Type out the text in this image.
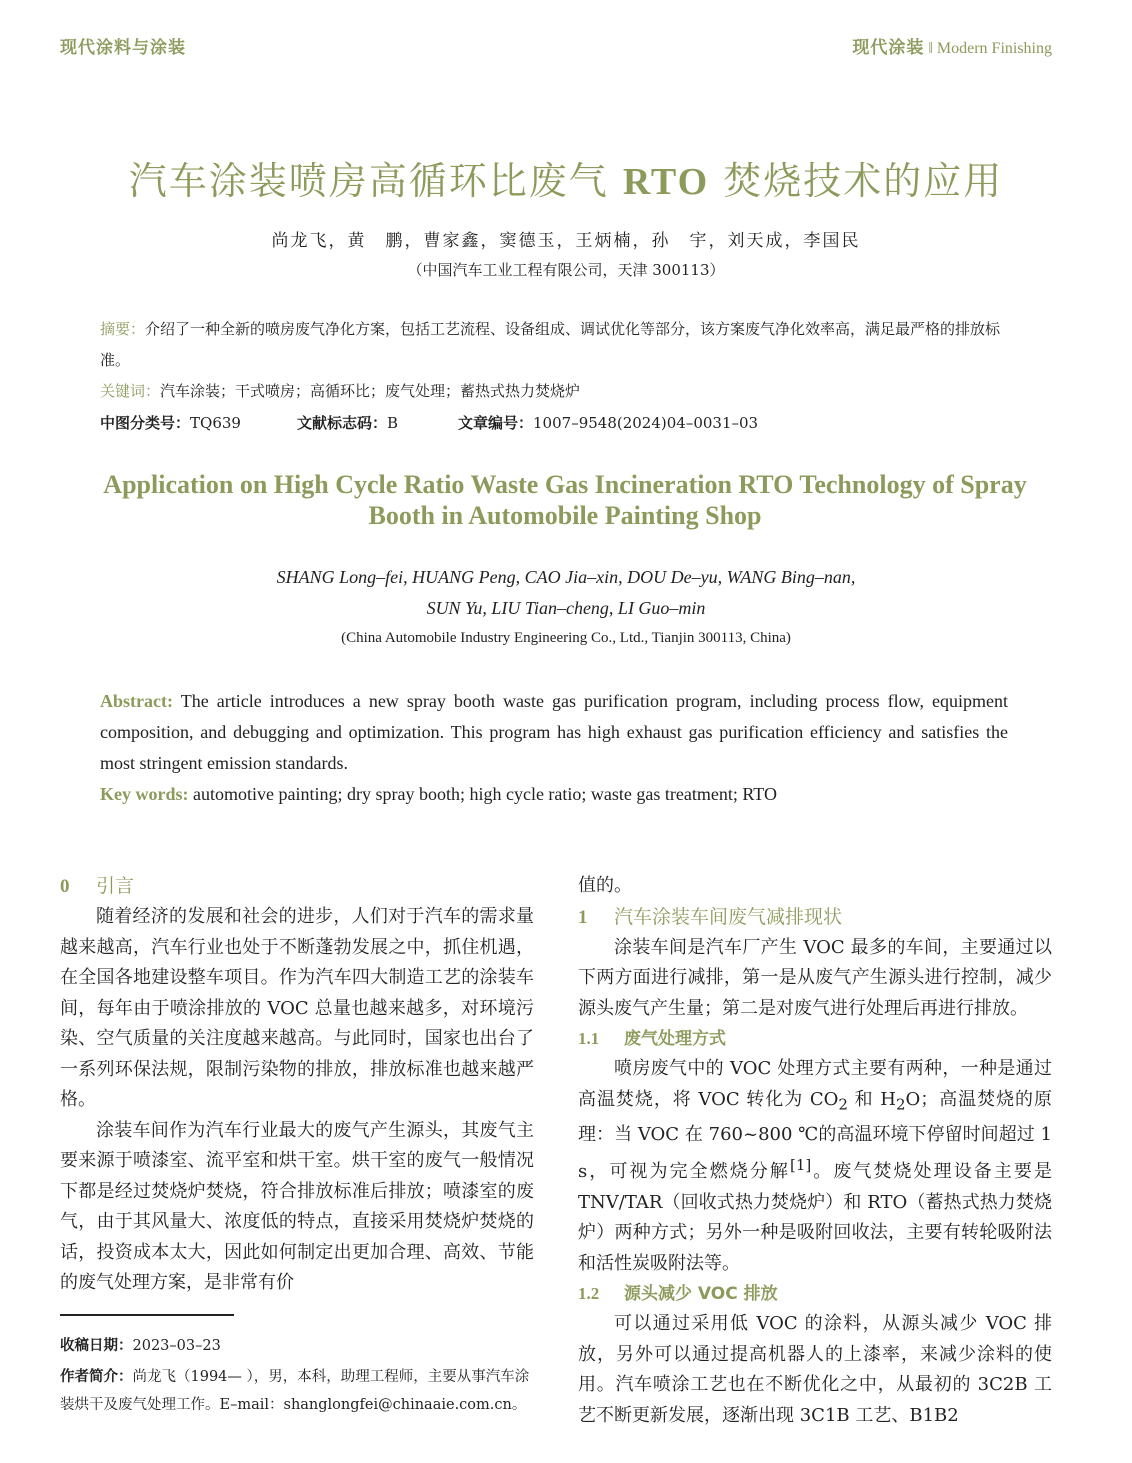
现代涂料与涂装	现代涂装 ‖ Modern Finishing
汽车涂装喷房高循环比废气 RTO 焚烧技术的应用
尚龙飞，黄　鹏，曹家鑫，窦德玉，王炳楠，孙　宇，刘天成，李国民
（中国汽车工业工程有限公司，天津 300113）
摘要：介绍了一种全新的喷房废气净化方案，包括工艺流程、设备组成、调试优化等部分，该方案废气净化效率高，满足最严格的排放标准。
关键词：汽车涂装；干式喷房；高循环比；废气处理；蓄热式热力焚烧炉
中图分类号：TQ639	文献标志码：B	文章编号：1007–9548(2024)04–0031–03
Application on High Cycle Ratio Waste Gas Incineration RTO Technology of Spray Booth in Automobile Painting Shop
SHANG Long–fei, HUANG Peng, CAO Jia–xin, DOU De–yu, WANG Bing–nan,
SUN Yu, LIU Tian–cheng, LI Guo–min
(China Automobile Industry Engineering Co., Ltd., Tianjin 300113, China)
Abstract: The article introduces a new spray booth waste gas purification program, including process flow, equipment composition, and debugging and optimization. This program has high exhaust gas purification efficiency and satisfies the most stringent emission standards.
Key words: automotive painting; dry spray booth; high cycle ratio; waste gas treatment; RTO
0 引言

随着经济的发展和社会的进步，人们对于汽车的需求量越来越高，汽车行业也处于不断蓬勃发展之中，抓住机遇，在全国各地建设整车项目。作为汽车四大制造工艺的涂装车间，每年由于喷涂排放的 VOC 总量也越来越多，对环境污染、空气质量的关注度越来越高。与此同时，国家也出台了一系列环保法规，限制污染物的排放，排放标准也越来越严格。

涂装车间作为汽车行业最大的废气产生源头，其废气主要来源于喷漆室、流平室和烘干室。烘干室的废气一般情况下都是经过焚烧炉焚烧，符合排放标准后排放；喷漆室的废气，由于其风量大、浓度低的特点，直接采用焚烧炉焚烧的话，投资成本太大，因此如何制定出更加合理、高效、节能的废气处理方案，是非常有价

值的。
1 汽车涂装车间废气减排现状

涂装车间是汽车厂产生 VOC 最多的车间，主要通过以下两方面进行减排，第一是从废气产生源头进行控制，减少源头废气产生量；第二是对废气进行处理后再进行排放。

1.1 废气处理方式

喷房废气中的 VOC 处理方式主要有两种，一种是通过高温焚烧，将 VOC 转化为 $CO_2$ 和 $H_2O$；高温焚烧的原理：当 VOC 在 760~800 ℃的高温环境下停留时间超过 1 s，可视为完全燃烧分解[1]。废气焚烧处理设备主要是 TNV/TAR（回收式热力焚烧炉）和 RTO（蓄热式热力焚烧炉）两种方式；另外一种是吸附回收法，主要有转轮吸附法和活性炭吸附法等。

1.2 源头减少 VOC 排放

可以通过采用低 VOC 的涂料，从源头减少 VOC 排放，另外可以通过提高机器人的上漆率，来减少涂料的使用。汽车喷涂工艺也在不断优化之中，从最初的 3C2B 工艺不断更新发展，逐渐出现 3C1B 工艺、B1B2

收稿日期：2023–03–23
作者简介：尚龙飞（1994— ），男，本科，助理工程师，主要从事汽车涂装烘干及废气处理工作。E–mail：shanglongfei@chinaaie.com.cn。
